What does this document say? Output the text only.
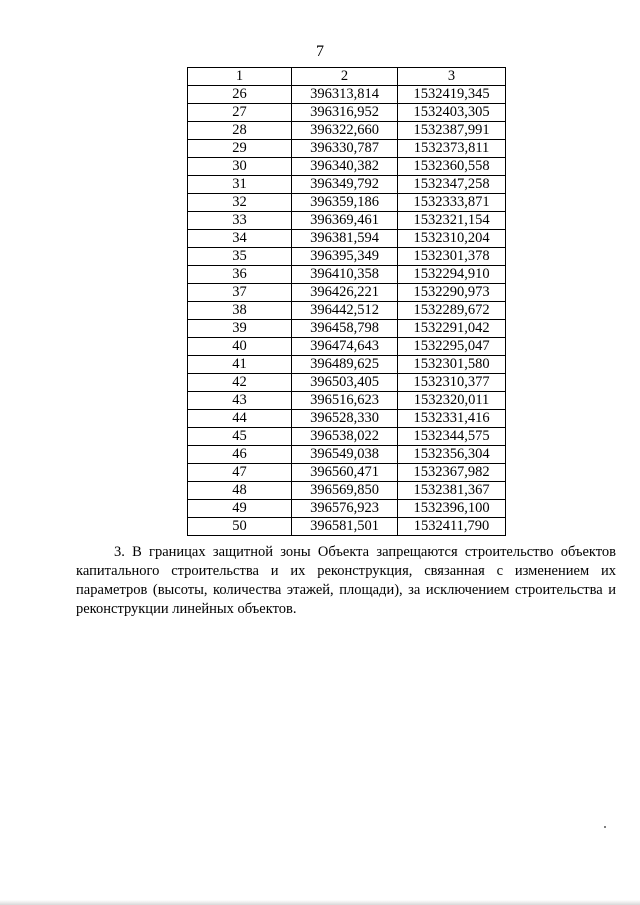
7
1	2	3
26	396313,814	1532419,345
27	396316,952	1532403,305
28	396322,660	1532387,991
29	396330,787	1532373,811
30	396340,382	1532360,558
31	396349,792	1532347,258
32	396359,186	1532333,871
33	396369,461	1532321,154
34	396381,594	1532310,204
35	396395,349	1532301,378
36	396410,358	1532294,910
37	396426,221	1532290,973
38	396442,512	1532289,672
39	396458,798	1532291,042
40	396474,643	1532295,047
41	396489,625	1532301,580
42	396503,405	1532310,377
43	396516,623	1532320,011
44	396528,330	1532331,416
45	396538,022	1532344,575
46	396549,038	1532356,304
47	396560,471	1532367,982
48	396569,850	1532381,367
49	396576,923	1532396,100
50	396581,501	1532411,790

3. В границах защитной зоны Объекта запрещаются строительство объектов капитального строительства и их реконструкция, связанная с изменением их параметров (высоты, количества этажей, площади), за исключением строительства и реконструкции линейных объектов.
